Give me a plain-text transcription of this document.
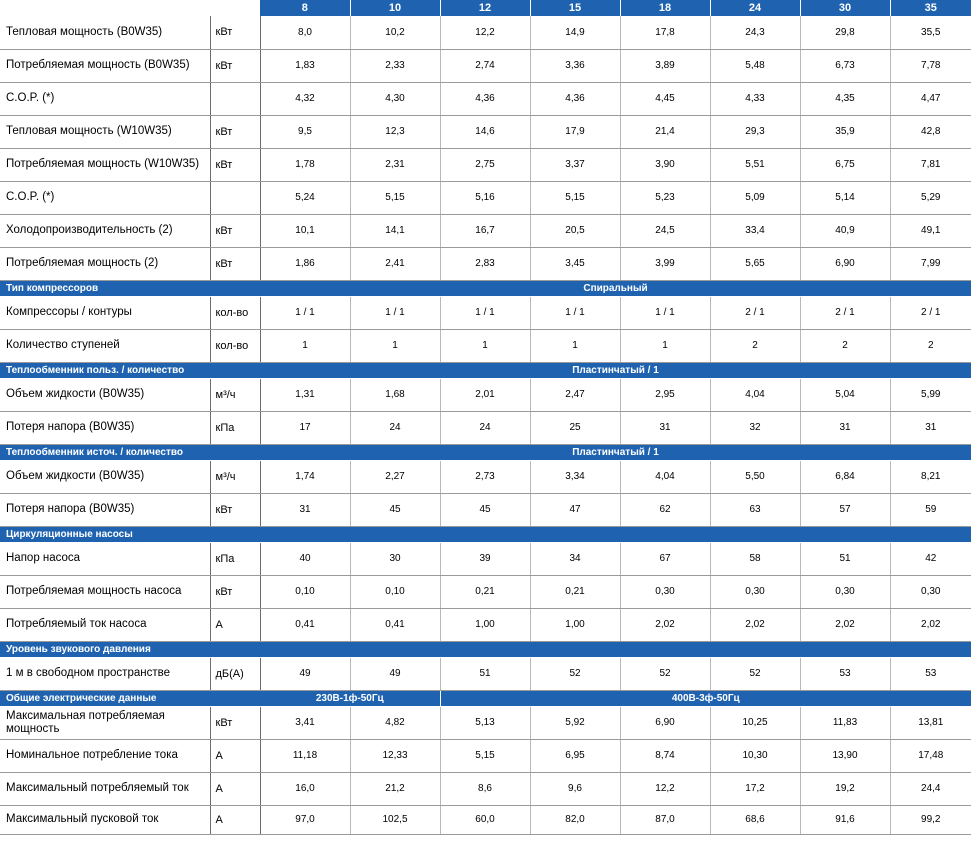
		8	10	12	15	18	24	30	35
Тепловая мощность (B0W35)	кВт	8,0	10,2	12,2	14,9	17,8	24,3	29,8	35,5
Потребляемая мощность (B0W35)	кВт	1,83	2,33	2,74	3,36	3,89	5,48	6,73	7,78
C.O.P. (*)		4,32	4,30	4,36	4,36	4,45	4,33	4,35	4,47
Тепловая мощность (W10W35)	кВт	9,5	12,3	14,6	17,9	21,4	29,3	35,9	42,8
Потребляемая мощность (W10W35)	кВт	1,78	2,31	2,75	3,37	3,90	5,51	6,75	7,81
C.O.P. (*)		5,24	5,15	5,16	5,15	5,23	5,09	5,14	5,29
Холодопроизводительность (2)	кВт	10,1	14,1	16,7	20,5	24,5	33,4	40,9	49,1
Потребляемая мощность (2)	кВт	1,86	2,41	2,83	3,45	3,99	5,65	6,90	7,99
Тип компрессоров		Спиральный							
Компрессоры / контуры	кол-во	1 / 1	1 / 1	1 / 1	1 / 1	1 / 1	2 / 1	2 / 1	2 / 1
Количество ступеней	кол-во	1	1	1	1	1	2	2	2
Теплообменник польз. / количество		Пластинчатый / 1							
Объем жидкости (B0W35)	м³/ч	1,31	1,68	2,01	2,47	2,95	4,04	5,04	5,99
Потеря напора (B0W35)	кПа	17	24	24	25	31	32	31	31
Теплообменник источ. / количество		Пластинчатый / 1							
Объем жидкости (B0W35)	м³/ч	1,74	2,27	2,73	3,34	4,04	5,50	6,84	8,21
Потеря напора (B0W35)	кВт	31	45	45	47	62	63	57	59
Циркуляционные насосы									
Напор насоса	кПа	40	30	39	34	67	58	51	42
Потребляемая мощность насоса	кВт	0,10	0,10	0,21	0,21	0,30	0,30	0,30	0,30
Потребляемый ток насоса	A	0,41	0,41	1,00	1,00	2,02	2,02	2,02	2,02
Уровень звукового давления									
1 м в свободном пространстве	дБ(А)	49	49	51	52	52	52	53	53
Общие электрические данные		230В-1ф-50Гц		400В-3ф-50Гц					
Максимальная потребляемая мощность	кВт	3,41	4,82	5,13	5,92	6,90	10,25	11,83	13,81
Номинальное потребление тока	A	11,18	12,33	5,15	6,95	8,74	10,30	13,90	17,48
Максимальный потребляемый ток	A	16,0	21,2	8,6	9,6	12,2	17,2	19,2	24,4
Максимальный пусковой ток	A	97,0	102,5	60,0	82,0	87,0	68,6	91,6	99,2
